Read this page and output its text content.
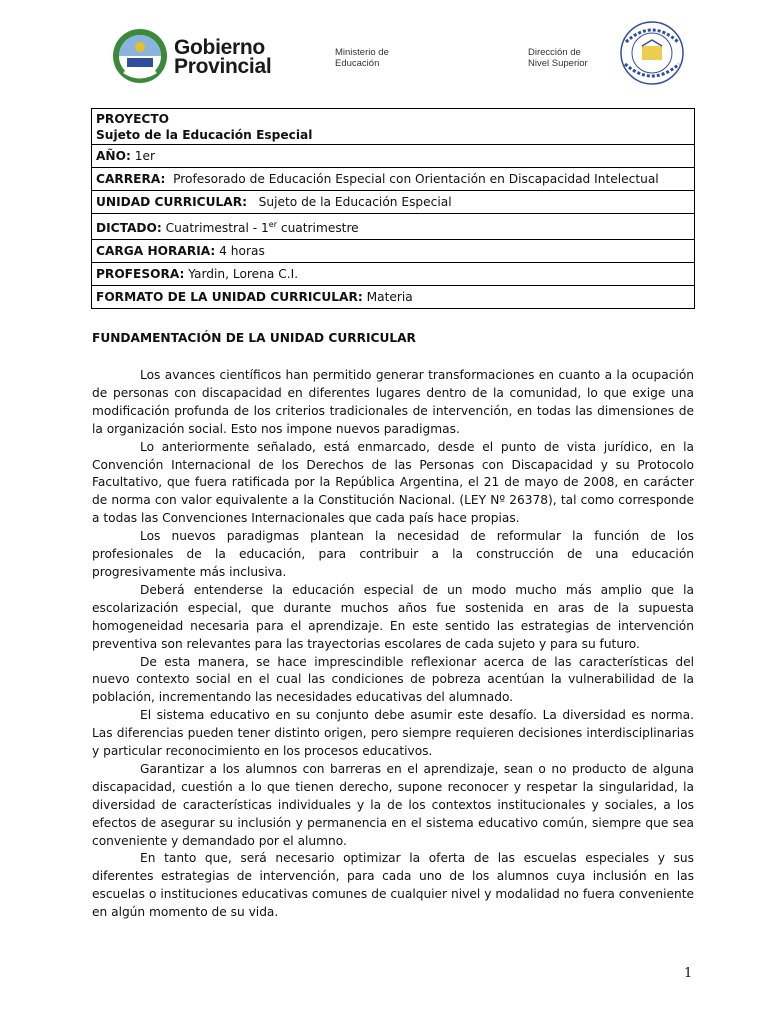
Gobierno
Provincial
Ministerio de
Educación
Dirección de
Nivel Superior
PROYECTO
Sujeto de la Educación Especial

AÑO: 1er
CARRERA: Profesorado de Educación Especial con Orientación en Discapacidad Intelectual
UNIDAD CURRICULAR: Sujeto de la Educación Especial
DICTADO: Cuatrimestral - 1er cuatrimestre
CARGA HORARIA: 4 horas
PROFESORA: Yardin, Lorena C.I.
FORMATO DE LA UNIDAD CURRICULAR: Materia
FUNDAMENTACIÓN DE LA UNIDAD CURRICULAR

Los avances científicos han permitido generar transformaciones en cuanto a la ocupación de personas con discapacidad en diferentes lugares dentro de la comunidad, lo que exige una modificación profunda de los criterios tradicionales de intervención, en todas las dimensiones de la organización social. Esto nos impone nuevos paradigmas.

Lo anteriormente señalado, está enmarcado, desde el punto de vista jurídico, en la Convención Internacional de los Derechos de las Personas con Discapacidad y su Protocolo Facultativo, que fuera ratificada por la República Argentina, el 21 de mayo de 2008, en carácter de norma con valor equivalente a la Constitución Nacional. (LEY Nº 26378), tal como corresponde a todas las Convenciones Internacionales que cada país hace propias.

Los nuevos paradigmas plantean la necesidad de reformular la función de los profesionales de la educación, para contribuir a la construcción de una educación progresivamente más inclusiva.

Deberá entenderse la educación especial de un modo mucho más amplio que la escolarización especial, que durante muchos años fue sostenida en aras de la supuesta homogeneidad necesaria para el aprendizaje. En este sentido las estrategias de intervención preventiva son relevantes para las trayectorias escolares de cada sujeto y para su futuro.

De esta manera, se hace imprescindible reflexionar acerca de las características del nuevo contexto social en el cual las condiciones de pobreza acentúan la vulnerabilidad de la población, incrementando las necesidades educativas del alumnado.

El sistema educativo en su conjunto debe asumir este desafío. La diversidad es norma. Las diferencias pueden tener distinto origen, pero siempre requieren decisiones interdisciplinarias y particular reconocimiento en los procesos educativos.

Garantizar a los alumnos con barreras en el aprendizaje, sean o no producto de alguna discapacidad, cuestión a lo que tienen derecho, supone reconocer y respetar la singularidad, la diversidad de características individuales y la de los contextos institucionales y sociales, a los efectos de asegurar su inclusión y permanencia en el sistema educativo común, siempre que sea conveniente y demandado por el alumno.

En tanto que, será necesario optimizar la oferta de las escuelas especiales y sus diferentes estrategias de intervención, para cada uno de los alumnos cuya inclusión en las escuelas o instituciones educativas comunes de cualquier nivel y modalidad no fuera conveniente en algún momento de su vida.

1
